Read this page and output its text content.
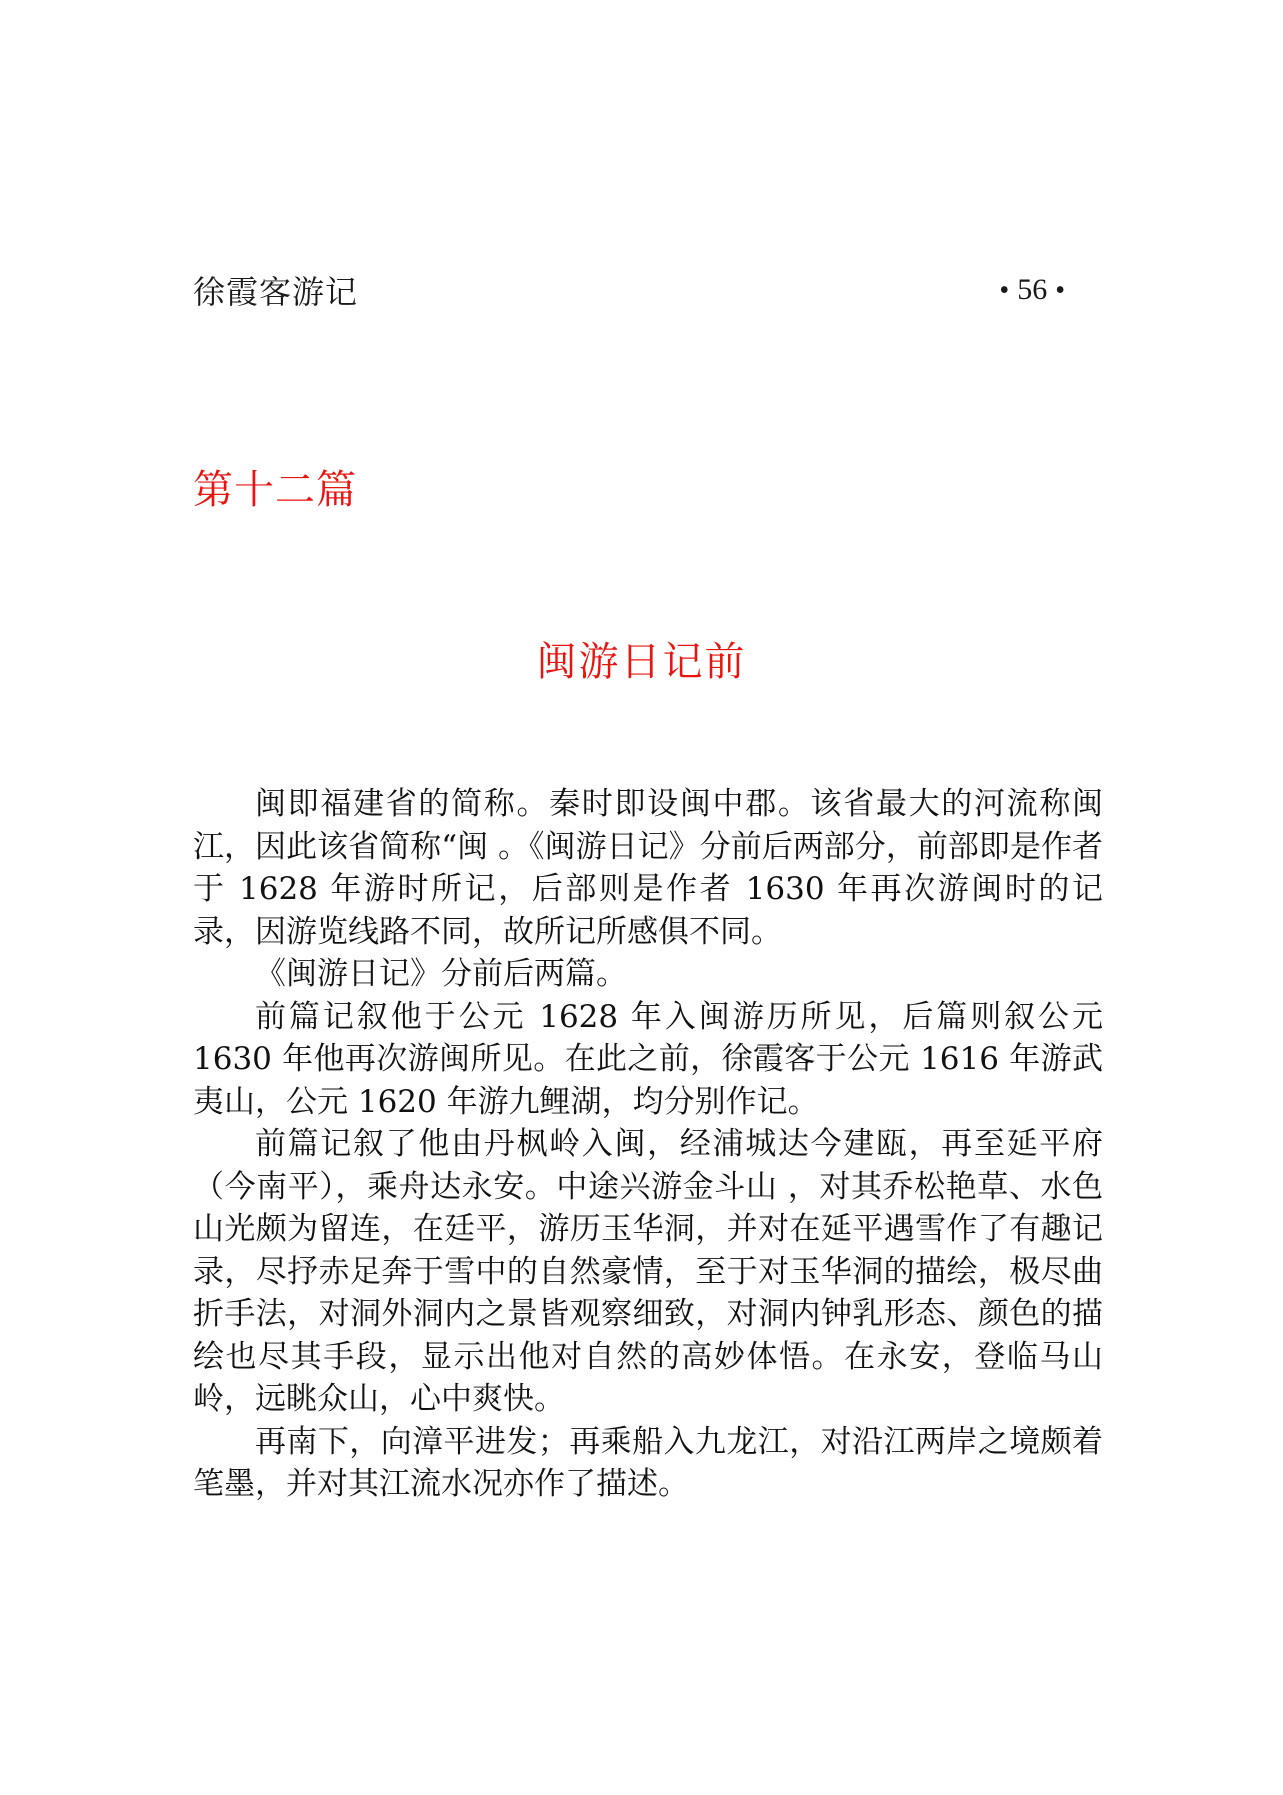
徐霞客游记	• 56 •
第十二篇
闽游日记前

闽即福建省的简称。秦时即设闽中郡。该省最大的河流称闽江，因此该省简称“闽 。《闽游日记》分前后两部分，前部即是作者于 1628 年游时所记，后部则是作者 1630 年再次游闽时的记录，因游览线路不同，故所记所感俱不同。

《闽游日记》分前后两篇。

前篇记叙他于公元 1628 年入闽游历所见，后篇则叙公元 1630 年他再次游闽所见。在此之前，徐霞客于公元 1616 年游武夷山，公元 1620 年游九鲤湖，均分别作记。

前篇记叙了他由丹枫岭入闽，经浦城达今建瓯，再至延平府（今南平），乘舟达永安。中途兴游金斗山 ，对其乔松艳草、水色山光颇为留连，在廷平，游历玉华洞，并对在延平遇雪作了有趣记录，尽抒赤足奔于雪中的自然豪情，至于对玉华洞的描绘，极尽曲折手法，对洞外洞内之景皆观察细致，对洞内钟乳形态、颜色的描绘也尽其手段，显示出他对自然的高妙体悟。在永安，登临马山岭，远眺众山，心中爽快。

再南下，向漳平进发；再乘船入九龙江，对沿江两岸之境颇着笔墨，并对其江流水况亦作了描述。
